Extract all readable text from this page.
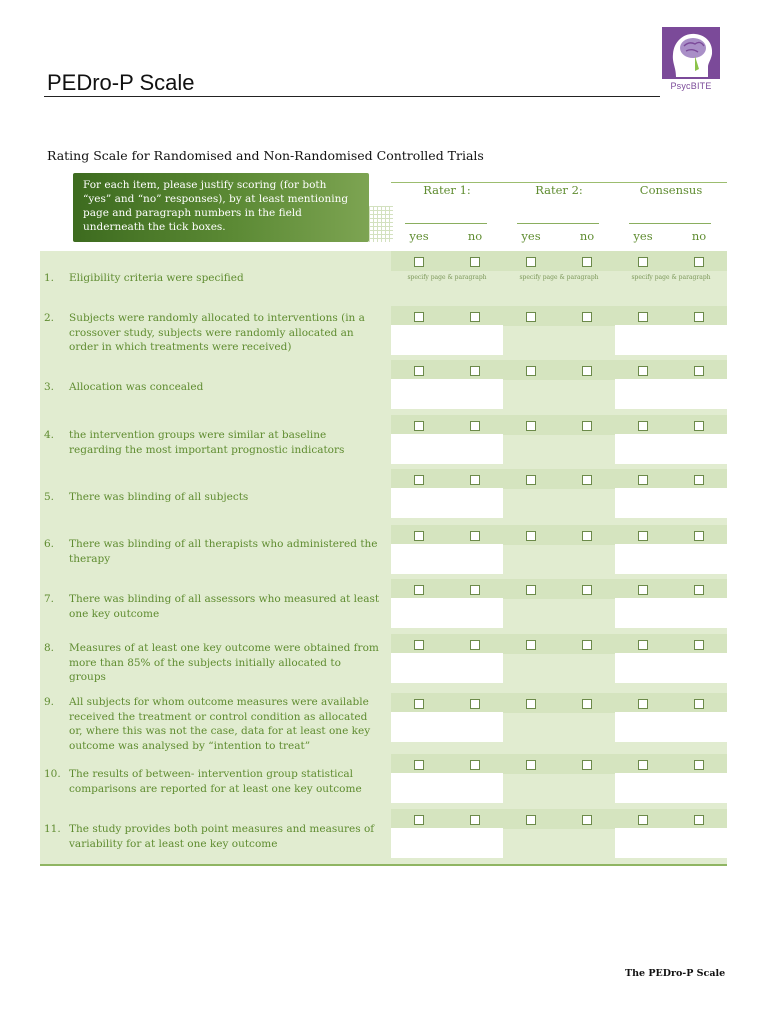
PEDro-P Scale	PsycBITE
Rating Scale for Randomised and Non-Randomised Controlled Trials
For each item, please justify scoring (for both “yes” and “no” responses), by at least mentioning page and paragraph numbers in the field underneath the tick boxes.
Rater 1:	Rater 2:	Consensus
yes	no	yes	no	yes	no
specify page & paragraph	specify page & paragraph	specify page & paragraph
1.	Eligibility criteria were specified
2.	Subjects were randomly allocated to interventions (in a crossover study, subjects were randomly allocated an order in which treatments were received)
3.	Allocation was concealed
4.	the intervention groups were similar at baseline regarding the most important prognostic indicators
5.	There was blinding of all subjects
6.	There was blinding of all therapists who administered the therapy
7.	There was blinding of all assessors who measured at least one key outcome
8.	Measures of at least one key outcome were obtained from more than 85% of the subjects initially allocated to groups
9.	All subjects for whom outcome measures were available received the treatment or control condition as allocated or, where this was not the case, data for at least one key outcome was analysed by “intention to treat”
10. The results of between- intervention group statistical comparisons are reported for at least one key outcome
11. The study provides both point measures and measures of variability for at least one key outcome
The PEDro-P Scale
